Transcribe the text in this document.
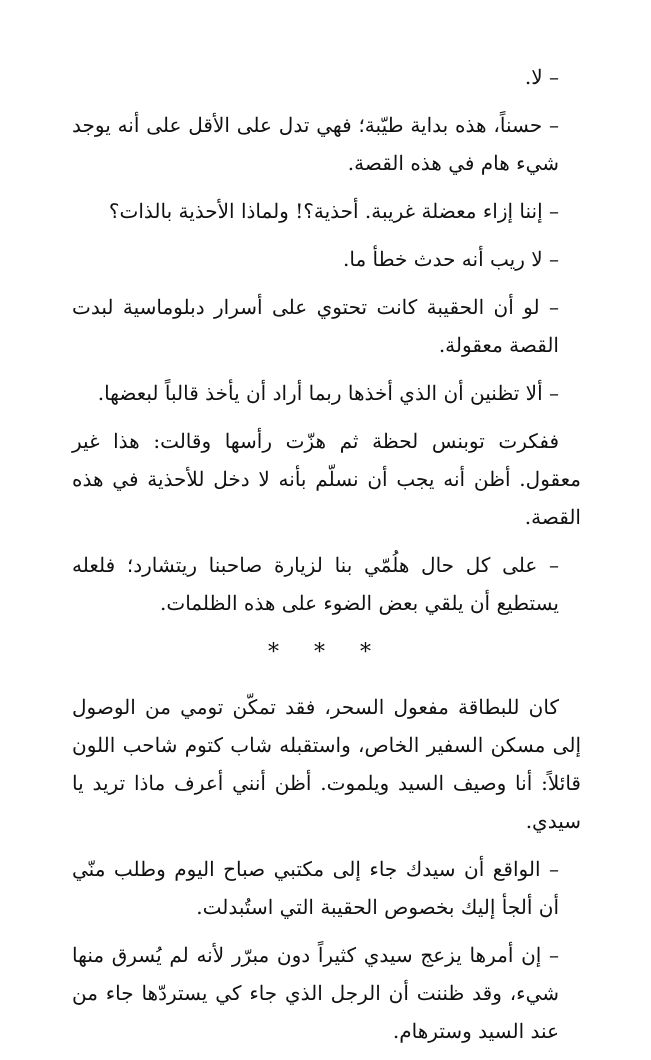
– لا.

– حسناً، هذه بداية طيّبة؛ فهي تدل على الأقل على أنه يوجد شيء هام في هذه القصة.

– إننا إزاء معضلة غريبة. أحذية؟! ولماذا الأحذية بالذات؟

– لا ريب أنه حدث خطأ ما.

– لو أن الحقيبة كانت تحتوي على أسرار دبلوماسية لبدت القصة معقولة.

– ألا تظنين أن الذي أخذها ربما أراد أن يأخذ قالباً لبعضها.

ففكرت توبنس لحظة ثم هزّت رأسها وقالت: هذا غير معقول. أظن أنه يجب أن نسلّم بأنه لا دخل للأحذية في هذه القصة.

– على كل حال هلُمّي بنا لزيارة صاحبنا ريتشارد؛ فلعله يستطيع أن يلقي بعض الضوء على هذه الظلمات.

* * *

كان للبطاقة مفعول السحر، فقد تمكّن تومي من الوصول إلى مسكن السفير الخاص، واستقبله شاب كتوم شاحب اللون قائلاً: أنا وصيف السيد ويلموت. أظن أنني أعرف ماذا تريد يا سيدي.

– الواقع أن سيدك جاء إلى مكتبي صباح اليوم وطلب منّي أن ألجأ إليك بخصوص الحقيبة التي استُبدلت.

– إن أمرها يزعج سيدي كثيراً دون مبرّر لأنه لم يُسرق منها شيء، وقد ظننت أن الرجل الذي جاء كي يستردّها جاء من عند السيد وسترهام.
